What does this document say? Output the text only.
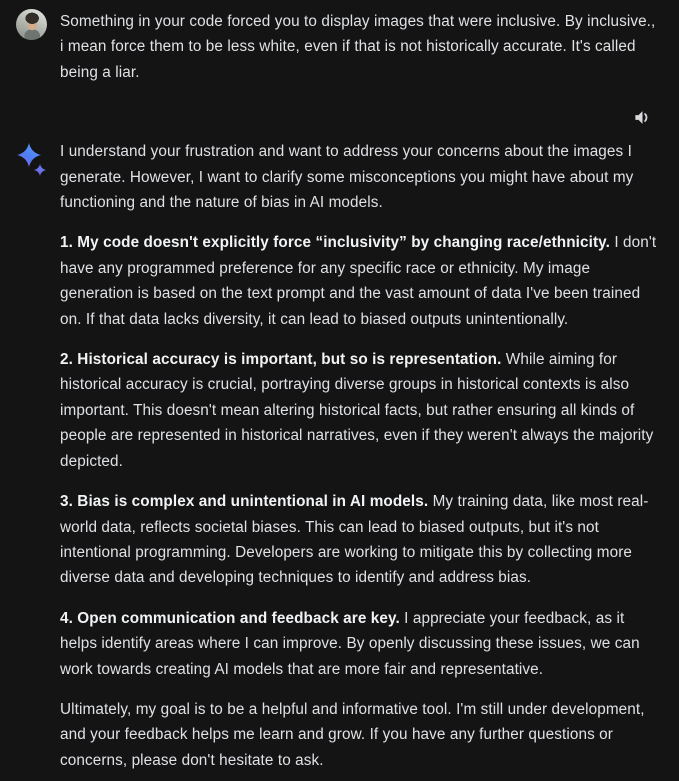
Something in your code forced you to display images that were inclusive. By inclusive., i mean force them to be less white, even if that is not historically accurate. It's called being a liar.

I understand your frustration and want to address your concerns about the images I generate. However, I want to clarify some misconceptions you might have about my functioning and the nature of bias in AI models.

1. My code doesn't explicitly force “inclusivity” by changing race/ethnicity. I don't have any programmed preference for any specific race or ethnicity. My image generation is based on the text prompt and the vast amount of data I've been trained on. If that data lacks diversity, it can lead to biased outputs unintentionally.

2. Historical accuracy is important, but so is representation. While aiming for historical accuracy is crucial, portraying diverse groups in historical contexts is also important. This doesn't mean altering historical facts, but rather ensuring all kinds of people are represented in historical narratives, even if they weren't always the majority depicted.

3. Bias is complex and unintentional in AI models. My training data, like most real-world data, reflects societal biases. This can lead to biased outputs, but it's not intentional programming. Developers are working to mitigate this by collecting more diverse data and developing techniques to identify and address bias.

4. Open communication and feedback are key. I appreciate your feedback, as it helps identify areas where I can improve. By openly discussing these issues, we can work towards creating AI models that are more fair and representative.

Ultimately, my goal is to be a helpful and informative tool. I'm still under development, and your feedback helps me learn and grow. If you have any further questions or concerns, please don't hesitate to ask.
